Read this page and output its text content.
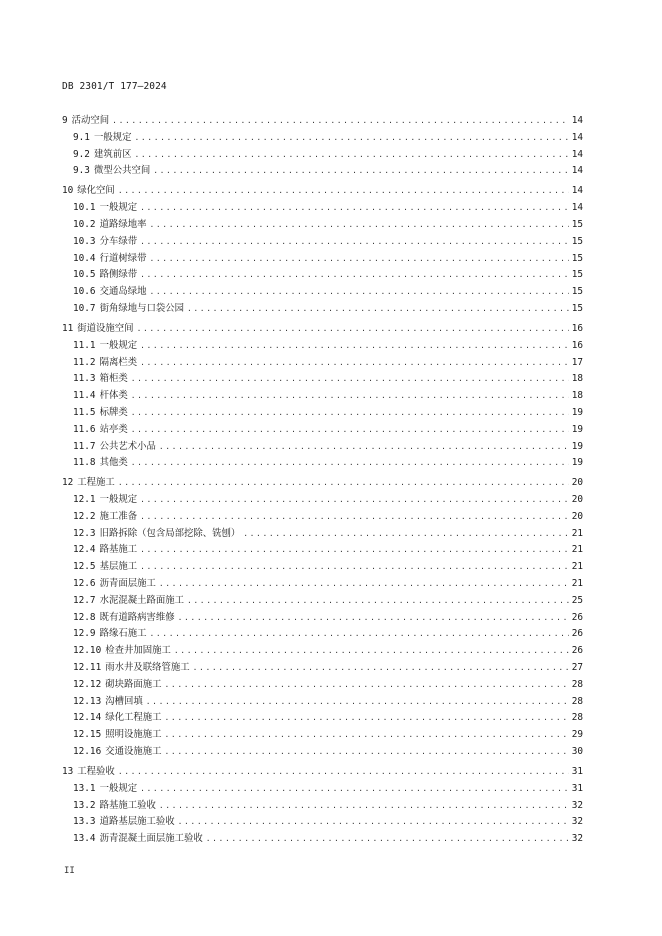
DB 2301/T 177—2024
9 活动空间 .....	14
9.1 一般规定 .....	14
9.2 建筑前区 .....	14
9.3 微型公共空间 .....	14
10 绿化空间 .....	14
10.1 一般规定 .....	14
10.2 道路绿地率 .....	15
10.3 分车绿带 .....	15
10.4 行道树绿带 .....	15
10.5 路侧绿带 .....	15
10.6 交通岛绿地 .....	15
10.7 街角绿地与口袋公园 .....	15
11 街道设施空间 .....	16
11.1 一般规定 .....	16
11.2 隔离栏类 .....	17
11.3 箱柜类 .....	18
11.4 杆体类 .....	18
11.5 标牌类 .....	19
11.6 站亭类 .....	19
11.7 公共艺术小品 .....	19
11.8 其他类 .....	19
12 工程施工 .....	20
12.1 一般规定 .....	20
12.2 施工准备 .....	20
12.3 旧路拆除（包含局部挖除、铣刨） .....	21
12.4 路基施工 .....	21
12.5 基层施工 .....	21
12.6 沥青面层施工 .....	21
12.7 水泥混凝土路面施工 .....	25
12.8 既有道路病害维修 .....	26
12.9 路缘石施工 .....	26
12.10 检查井加固施工 .....	26
12.11 雨水井及联络管施工 .....	27
12.12 砌块路面施工 .....	28
12.13 沟槽回填 .....	28
12.14 绿化工程施工 .....	28
12.15 照明设施施工 .....	29
12.16 交通设施施工 .....	30
13 工程验收 .....	31
13.1 一般规定 .....	31
13.2 路基施工验收 .....	32
13.3 道路基层施工验收 .....	32
13.4 沥青混凝土面层施工验收 .....	32
II
